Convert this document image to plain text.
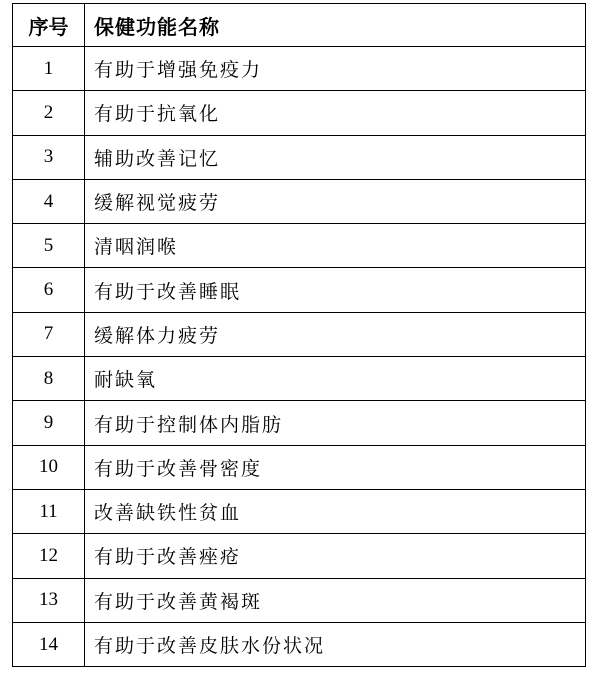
序号	保健功能名称
1	有助于增强免疫力
2	有助于抗氧化
3	辅助改善记忆
4	缓解视觉疲劳
5	清咽润喉
6	有助于改善睡眠
7	缓解体力疲劳
8	耐缺氧
9	有助于控制体内脂肪
10	有助于改善骨密度
11	改善缺铁性贫血
12	有助于改善痤疮
13	有助于改善黄褐斑
14	有助于改善皮肤水份状况
